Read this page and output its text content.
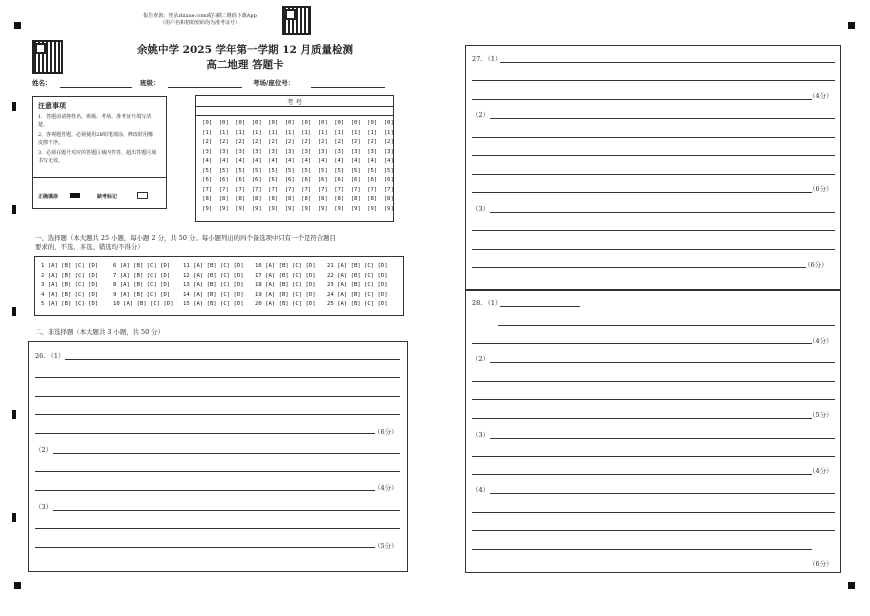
报告查询：登录zhixue.com或扫描二维码下载App
（用户名和初始密码均为准考证号）
余姚中学 2025 学年第一学期 12 月质量检测
高二地理 答题卡
姓名：	班级：	考场/座位号：
注意事项
1．答题前请将姓名、班级、考场、准考证号填写清楚。
2．客观题答题，必须使用2B铅笔填涂，修改时用橡皮擦干净。
3．必须在题号对应的答题区域内作答，超出答题区域书写无效。
正确填涂	缺考标记
考 号
[0]	[0]	[0]	[0]	[0]	[0]	[0]	[0]	[0]	[0]	[0]	[0]
[1]	[1]	[1]	[1]	[1]	[1]	[1]	[1]	[1]	[1]	[1]	[1]
[2]	[2]	[2]	[2]	[2]	[2]	[2]	[2]	[2]	[2]	[2]	[2]
[3]	[3]	[3]	[3]	[3]	[3]	[3]	[3]	[3]	[3]	[3]	[3]
[4]	[4]	[4]	[4]	[4]	[4]	[4]	[4]	[4]	[4]	[4]	[4]
[5]	[5]	[5]	[5]	[5]	[5]	[5]	[5]	[5]	[5]	[5]	[5]
[6]	[6]	[6]	[6]	[6]	[6]	[6]	[6]	[6]	[6]	[6]	[6]
[7]	[7]	[7]	[7]	[7]	[7]	[7]	[7]	[7]	[7]	[7]	[7]
[8]	[8]	[8]	[8]	[8]	[8]	[8]	[8]	[8]	[8]	[8]	[8]
[9]	[9]	[9]	[9]	[9]	[9]	[9]	[9]	[9]	[9]	[9]	[9]
一、选择题（本大题共 25 小题，每小题 2 分，共 50 分。每小题列出的四个备选项中只有一个是符合题目
要求的，不选、多选、错选均不得分）
1 [A] [B] [C] [D]
2 [A] [B] [C] [D]
3 [A] [B] [C] [D]
4 [A] [B] [C] [D]
5 [A] [B] [C] [D]
6 [A] [B] [C] [D]
7 [A] [B] [C] [D]
8 [A] [B] [C] [D]
9 [A] [B] [C] [D]
10 [A] [B] [C] [D]
11 [A] [B] [C] [D]
12 [A] [B] [C] [D]
13 [A] [B] [C] [D]
14 [A] [B] [C] [D]
15 [A] [B] [C] [D]
16 [A] [B] [C] [D]
17 [A] [B] [C] [D]
18 [A] [B] [C] [D]
19 [A] [B] [C] [D]
20 [A] [B] [C] [D]
21 [A] [B] [C] [D]
22 [A] [B] [C] [D]
23 [A] [B] [C] [D]
24 [A] [B] [C] [D]
25 [A] [B] [C] [D]
二、非选择题（本大题共 3 小题，共 50 分）
26. （1）
（6分）
（2）
（4分）
（3）
（5分）
27. （1）
（4分）
（2）
（6分）
（3）
（6分）
28. （1）
（4分）
（2）
（5分）
（3）
（4分）
（4）
（6分）
